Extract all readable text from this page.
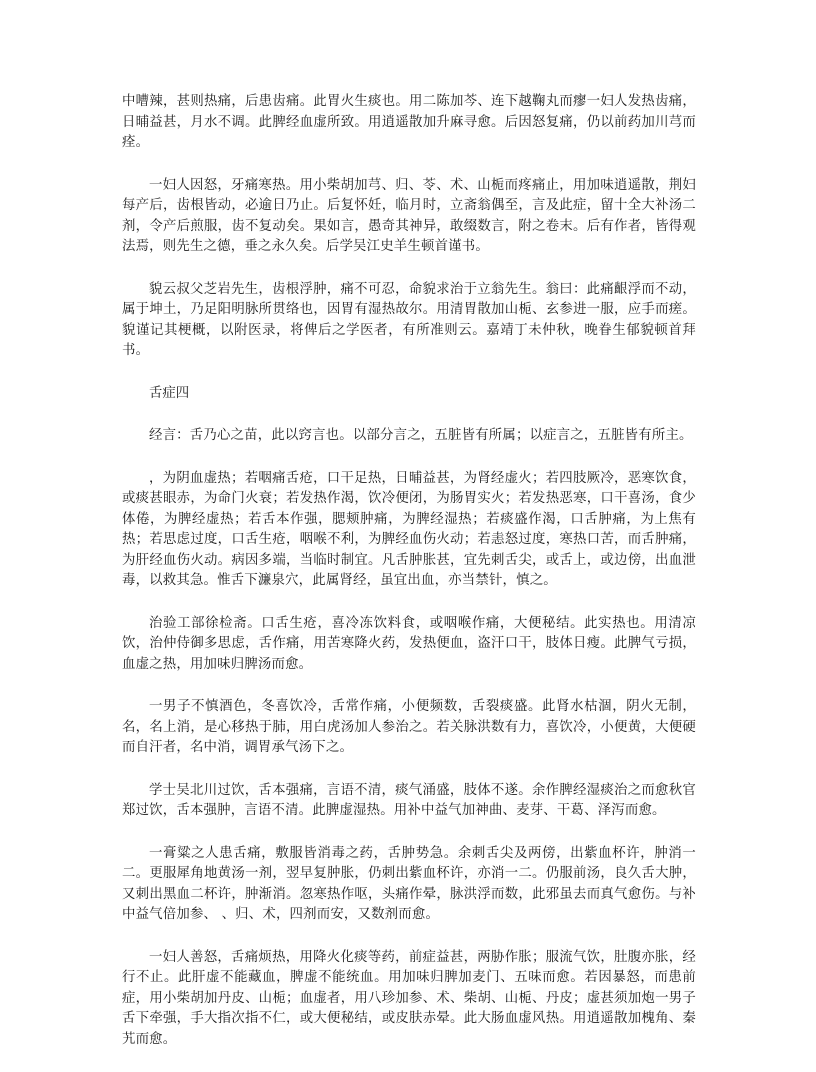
中嘈辣，甚则热痛，后患齿痛。此胃火生痰也。用二陈加芩、连下越鞠丸而瘳一妇人发热齿痛，日晡益甚，月水不调。此脾经血虚所致。用逍遥散加升麻寻愈。后因怒复痛，仍以前药加川芎而痊。

一妇人因怒，牙痛寒热。用小柴胡加芎、归、苓、术、山栀而疼痛止，用加味逍遥散，荆妇每产后，齿根皆动，必逾日乃止。后复怀妊，临月时，立斋翁偶至，言及此症，留十全大补汤二剂，令产后煎服，齿不复动矣。果如言，愚奇其神异，敢缀数言，附之卷末。后有作者，皆得观法焉，则先生之德，垂之永久矣。后学吴江史羊生顿首谨书。

貌云叔父芝岩先生，齿根浮肿，痛不可忍，命貌求治于立翁先生。翁曰：此痛齦浮而不动，属于坤土，乃足阳明脉所贯络也，因胃有湿热故尔。用清胃散加山栀、玄参进一服，应手而瘥。貌谨记其梗概，以附医录，将俾后之学医者，有所准则云。嘉靖丁未仲秋，晚眷生郁貌顿首拜书。

舌症四

经言：舌乃心之苗，此以窍言也。以部分言之，五脏皆有所属；以症言之，五脏皆有所主。

，为阴血虚热；若咽痛舌疮，口干足热，日晡益甚，为肾经虚火；若四肢厥冷，恶寒饮食，或痰甚眼赤，为命门火衰；若发热作渴，饮冷便闭，为肠胃实火；若发热恶寒，口干喜汤，食少体倦，为脾经虚热；若舌本作强，腮颊肿痛，为脾经湿热；若痰盛作渴，口舌肿痛，为上焦有热；若思虑过度，口舌生疮，咽喉不利，为脾经血伤火动；若恚怒过度，寒热口苦，而舌肿痛，为肝经血伤火动。病因多端，当临时制宜。凡舌肿胀甚，宜先刺舌尖，或舌上，或边傍，出血泄毒，以救其急。惟舌下濂泉穴，此属肾经，虽宜出血，亦当禁针，慎之。

治验工部徐检斋。口舌生疮，喜冷冻饮料食，或咽喉作痛，大便秘结。此实热也。用清凉饮，治仲侍御多思虑，舌作痛，用苦寒降火药，发热便血，盗汗口干，肢体日瘦。此脾气亏损，血虚之热，用加味归脾汤而愈。

一男子不慎酒色，冬喜饮冷，舌常作痛，小便频数，舌裂痰盛。此肾水枯涸，阴火无制，名，名上消，是心移热于肺，用白虎汤加人参治之。若关脉洪数有力，喜饮冷，小便黄，大便硬而自汗者，名中消，调胃承气汤下之。

学士吴北川过饮，舌本强痛，言语不清，痰气涌盛，肢体不遂。余作脾经湿痰治之而愈秋官郑过饮，舌本强肿，言语不清。此脾虚湿热。用补中益气加神曲、麦芽、干葛、泽泻而愈。

一膏粱之人患舌痛，敷服皆消毒之药，舌肿势急。余刺舌尖及两傍，出紫血杯许，肿消一二。更服犀角地黄汤一剂，翌早复肿胀，仍刺出紫血杯许，亦消一二。仍服前汤，良久舌大肿，又刺出黑血二杯许，肿渐消。忽寒热作呕，头痛作晕，脉洪浮而数，此邪虽去而真气愈伤。与补中益气倍加参、 、归、术，四剂而安，又数剂而愈。

一妇人善怒，舌痛烦热，用降火化痰等药，前症益甚，两胁作胀；服流气饮，肚腹亦胀，经行不止。此肝虚不能藏血，脾虚不能统血。用加味归脾加麦门、五味而愈。若因暴怒，而患前症，用小柴胡加丹皮、山栀；血虚者，用八珍加参、术、柴胡、山栀、丹皮；虚甚须加炮一男子舌下牵强，手大指次指不仁，或大便秘结，或皮肤赤晕。此大肠血虚风热。用逍遥散加槐角、秦艽而愈。
